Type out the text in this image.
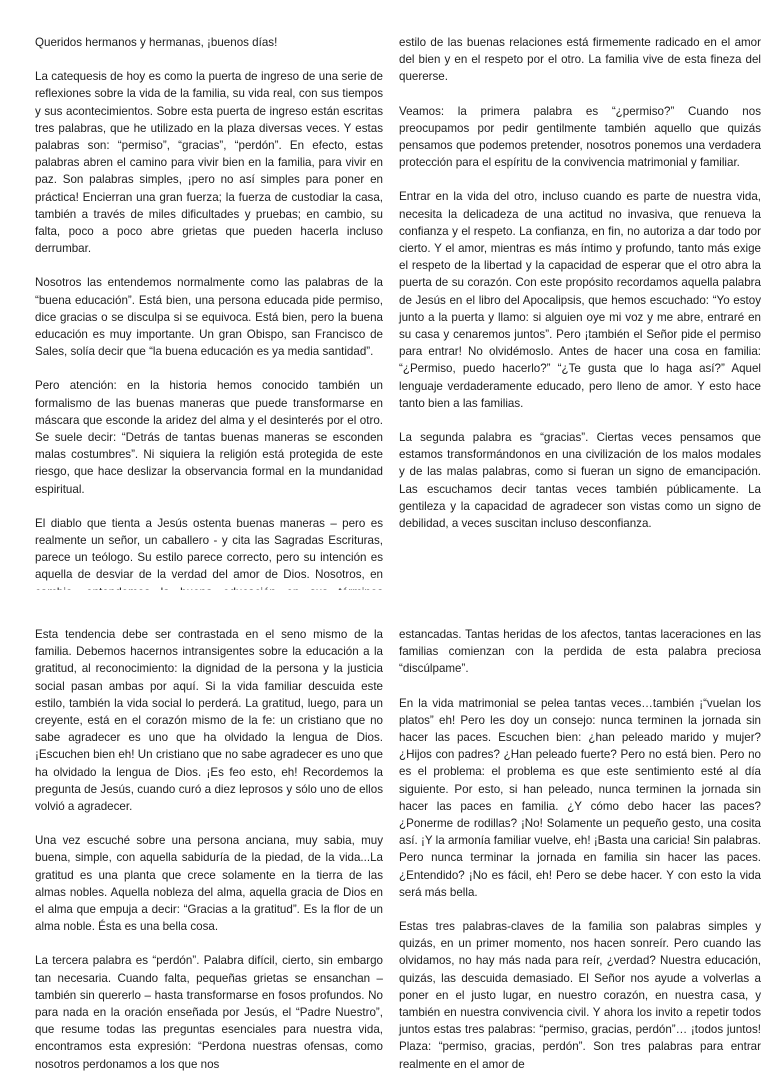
Queridos hermanos y hermanas, ¡buenos días!

La catequesis de hoy es como la puerta de ingreso de una serie de reflexiones sobre la vida de la familia, su vida real, con sus tiempos y sus acontecimientos. Sobre esta puerta de ingreso están escritas tres palabras, que he utilizado en la plaza diversas veces. Y estas palabras son: “permiso”, “gracias”, “perdón”. En efecto, estas palabras abren el camino para vivir bien en la familia, para vivir en paz. Son palabras simples, ¡pero no así simples para poner en práctica! Encierran una gran fuerza; la fuerza de custodiar la casa, también a través de miles dificultades y pruebas; en cambio, su falta, poco a poco abre grietas que pueden hacerla incluso derrumbar.

Nosotros las entendemos normalmente como las palabras de la “buena educación”. Está bien, una persona educada pide permiso, dice gracias o se disculpa si se equivoca. Está bien, pero la buena educación es muy importante. Un gran Obispo, san Francisco de Sales, solía decir que “la buena educación es ya media santidad”.

Pero atención: en la historia hemos conocido también un formalismo de las buenas maneras que puede transformarse en máscara que esconde la aridez del alma y el desinterés por el otro. Se suele decir: “Detrás de tantas buenas maneras se esconden malas costumbres”. Ni siquiera la religión está protegida de este riesgo, que hace deslizar la observancia formal en la mundanidad espiritual.

El diablo que tienta a Jesús ostenta buenas maneras – pero es realmente un señor, un caballero - y cita las Sagradas Escrituras, parece un teólogo. Su estilo parece correcto, pero su intención es aquella de desviar de la verdad del amor de Dios. Nosotros, en

estilo de las buenas relaciones está firmemente radicado en el amor del bien y en el respeto por el otro. La familia vive de esta fineza del quererse.

Veamos: la primera palabra es “¿permiso?” Cuando nos preocupamos por pedir gentilmente también aquello que quizás pensamos que podemos pretender, nosotros ponemos una verdadera protección para el espíritu de la convivencia matrimonial y familiar.

Entrar en la vida del otro, incluso cuando es parte de nuestra vida, necesita la delicadeza de una actitud no invasiva, que renueva la confianza y el respeto. La confianza, en fin, no autoriza a dar todo por cierto. Y el amor, mientras es más íntimo y profundo, tanto más exige el respeto de la libertad y la capacidad de esperar que el otro abra la puerta de su corazón. Con este propósito recordamos aquella palabra de Jesús en el libro del Apocalipsis, que hemos escuchado: “Yo estoy junto a la puerta y llamo: si alguien oye mi voz y me abre, entraré en su casa y cenaremos juntos”. Pero ¡también el Señor pide el permiso para entrar! No olvidémoslo. Antes de hacer una cosa en familia: “¿Permiso, puedo hacerlo?” “¿Te gusta que lo haga así?” Aquel lenguaje verdaderamente educado, pero lleno de amor. Y esto hace tanto bien a las familias.

La segunda palabra es “gracias”. Ciertas veces pensamos que estamos transformándonos en una civilización de los malos modales y de las malas palabras, como si fueran un signo de emancipación. Las escuchamos decir tantas veces también públicamente. La gentileza y la capacidad de agradecer son vistas como un signo de debilidad, a veces suscitan incluso desconfianza.

Esta tendencia debe ser contrastada en el seno mismo de la familia. Debemos hacernos intransigentes sobre la educación a la gratitud, al reconocimiento: la dignidad de la persona y la justicia social pasan ambas por aquí. Si la vida familiar descuida este estilo, también la vida social lo perderá. La gratitud, luego, para un creyente, está en el corazón mismo de la fe: un cristiano que no sabe agradecer es uno que ha olvidado la lengua de Dios. ¡Escuchen bien eh! Un cristiano que no sabe agradecer es uno que ha olvidado la lengua de Dios. ¡Es feo esto, eh! Recordemos la pregunta de Jesús, cuando curó a diez leprosos y sólo uno de ellos volvió a agradecer.

Una vez escuché sobre una persona anciana, muy sabia, muy buena, simple, con aquella sabiduría de la piedad, de la vida...La gratitud es una planta que crece solamente en la tierra de las almas nobles. Aquella nobleza del alma, aquella gracia de Dios en el alma que empuja a decir: “Gracias a la gratitud”. Es la flor de un alma noble. Ésta es una bella cosa.

La tercera palabra es “perdón”. Palabra difícil, cierto, sin embargo tan necesaria. Cuando falta, pequeñas grietas se ensanchan – también sin quererlo – hasta transformarse en fosos profundos. No para nada en la oración enseñada por Jesús, el “Padre Nuestro”, que resume todas las preguntas esenciales para nuestra vida, encontramos esta expresión: “Perdona nuestras ofensas, como nosotros perdonamos a los que nos

estancadas. Tantas heridas de los afectos, tantas laceraciones en las familias comienzan con la perdida de esta palabra preciosa “discúlpame”.

En la vida matrimonial se pelea tantas veces…también ¡“vuelan los platos” eh! Pero les doy un consejo: nunca terminen la jornada sin hacer las paces. Escuchen bien: ¿han peleado marido y mujer? ¿Hijos con padres? ¿Han peleado fuerte? Pero no está bien. Pero no es el problema: el problema es que este sentimiento esté al día siguiente. Por esto, si han peleado, nunca terminen la jornada sin hacer las paces en familia. ¿Y cómo debo hacer las paces? ¿Ponerme de rodillas? ¡No! Solamente un pequeño gesto, una cosita así. ¡Y la armonía familiar vuelve, eh! ¡Basta una caricia! Sin palabras. Pero nunca terminar la jornada en familia sin hacer las paces. ¿Entendido? ¡No es fácil, eh! Pero se debe hacer. Y con esto la vida será más bella.

Estas tres palabras-claves de la familia son palabras simples y quizás, en un primer momento, nos hacen sonreír. Pero cuando las olvidamos, no hay más nada para reír, ¿verdad? Nuestra educación, quizás, las descuida demasiado. El Señor nos ayude a volverlas a poner en el justo lugar, en nuestro corazón, en nuestra casa, y también en nuestra convivencia civil. Y ahora los invito a repetir todos juntos estas tres palabras: “permiso, gracias, perdón”… ¡todos juntos! Plaza: “permiso, gracias, perdón”. Son tres palabras para entrar realmente en el amor de
